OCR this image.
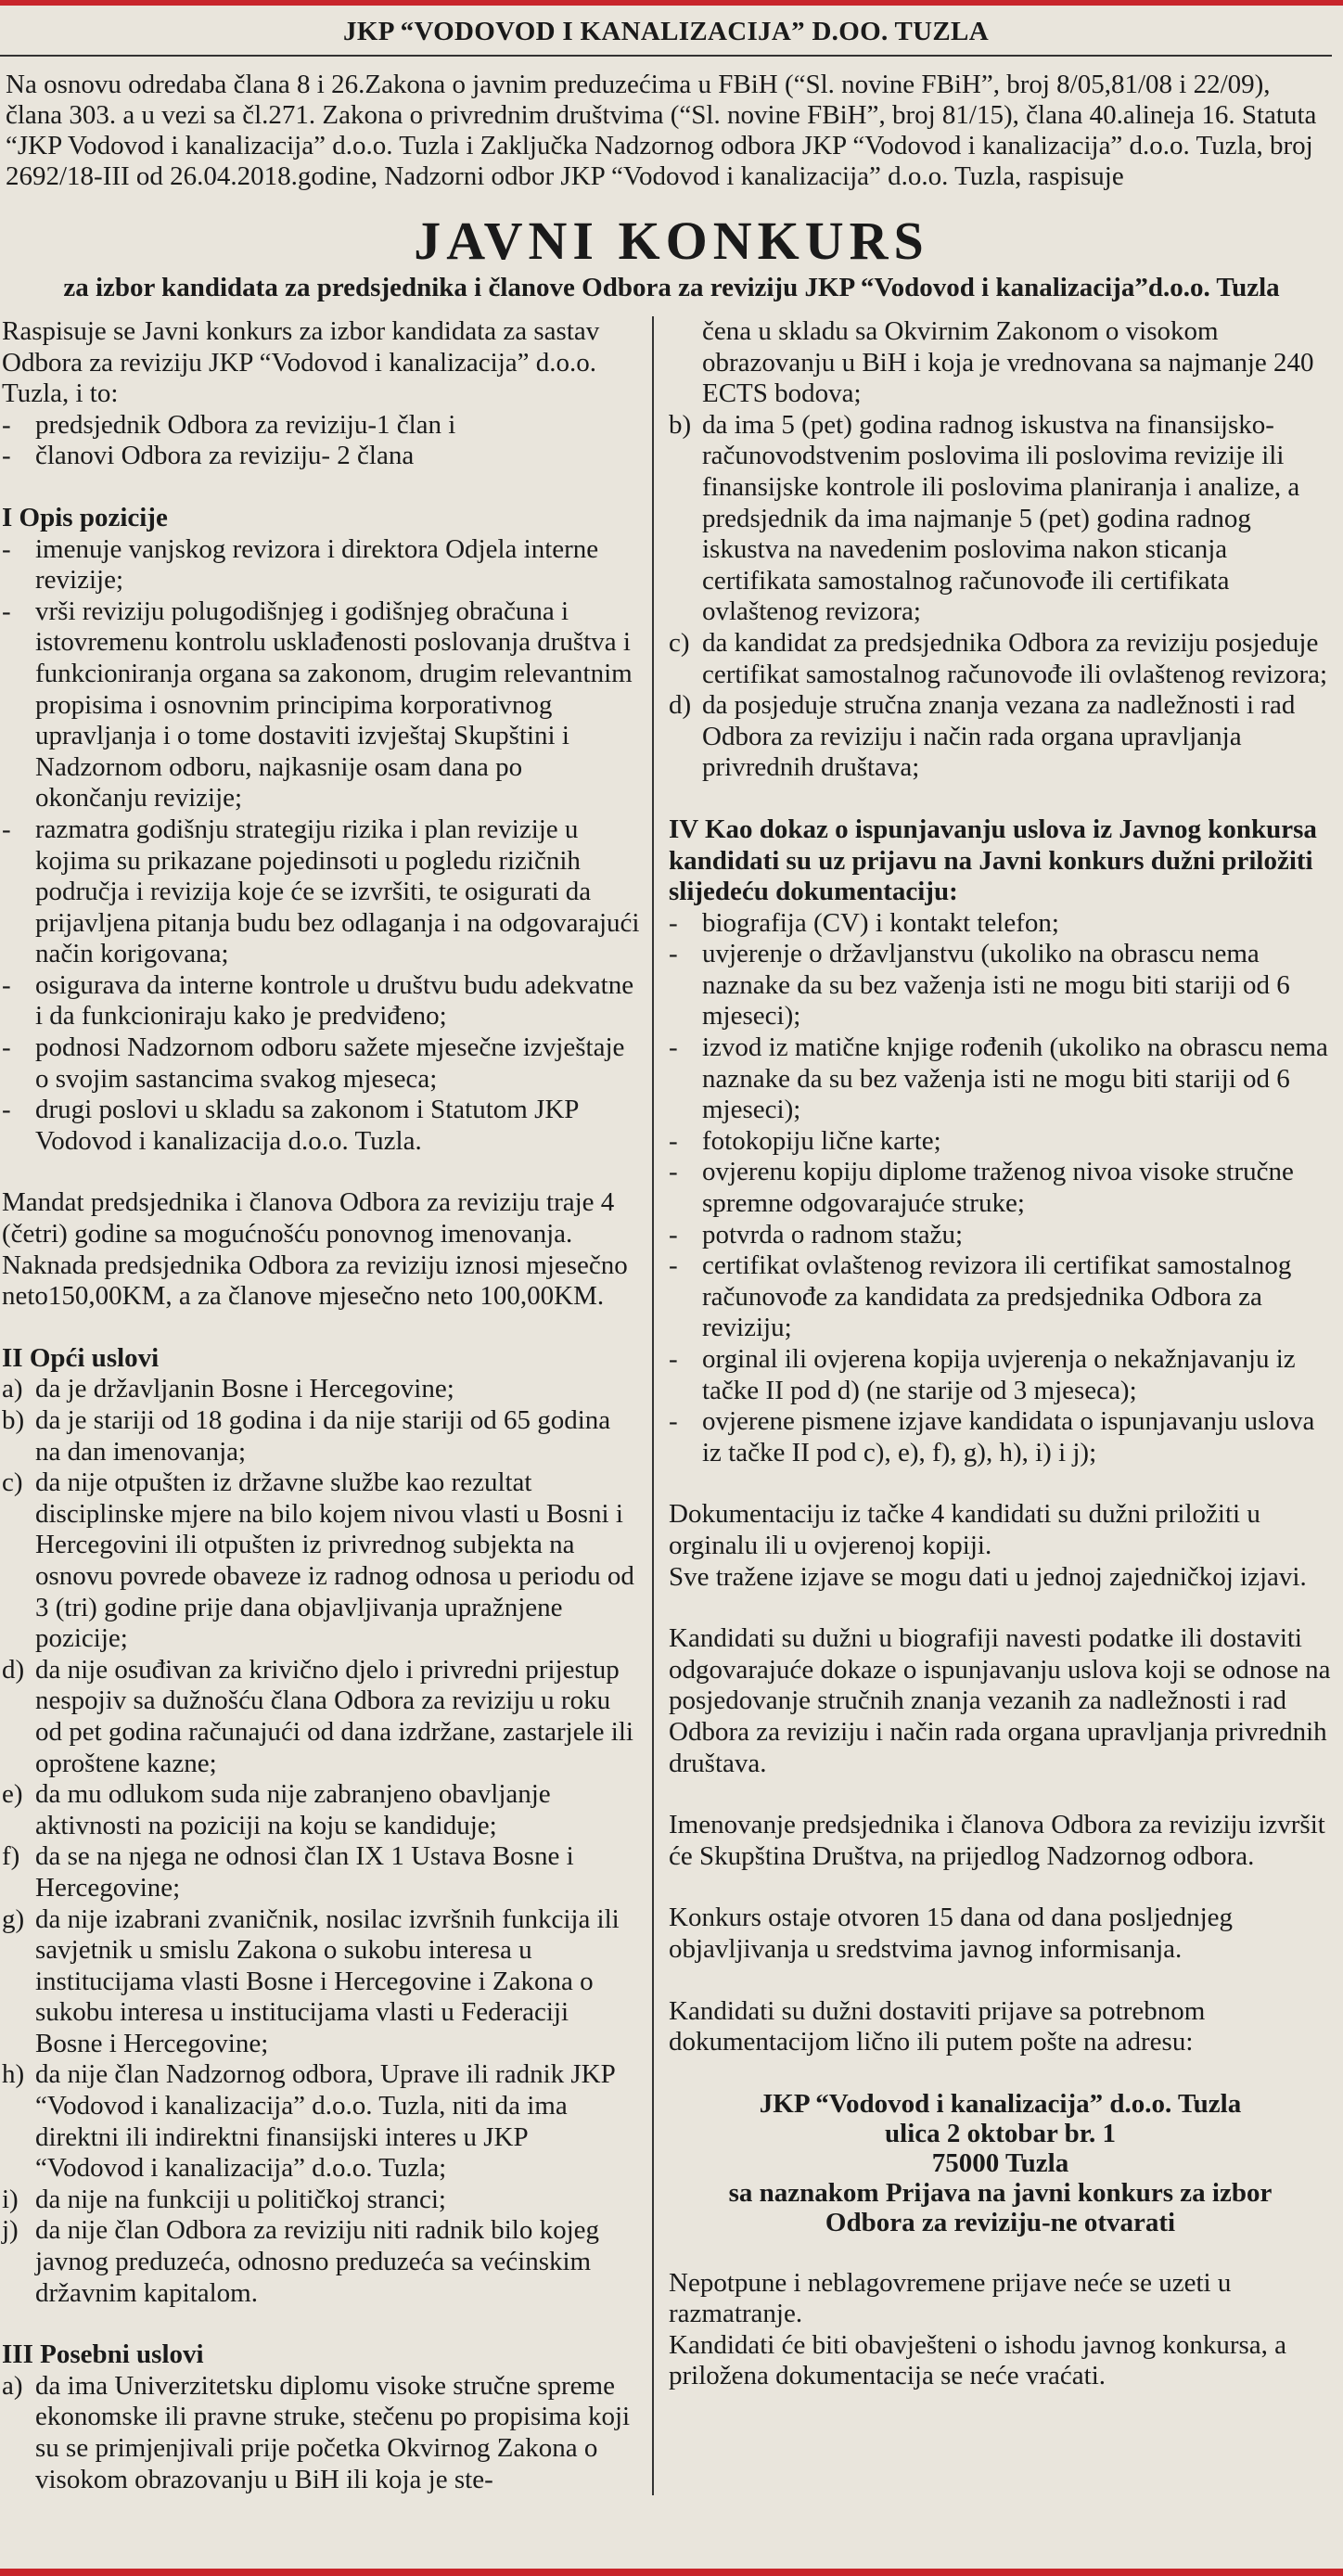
JKP “VODOVOD I KANALIZACIJA” D.OO. TUZLA

Na osnovu odredaba člana 8 i 26.Zakona o javnim preduzećima u FBiH (“Sl. novine FBiH”, broj 8/05,81/08 i 22/09), člana 303. a u vezi sa čl.271. Zakona o privrednim društvima (“Sl. novine FBiH”, broj 81/15), člana 40.alineja 16. Statuta “JKP Vodovod i kanalizacija” d.o.o. Tuzla i Zaključka Nadzornog odbora JKP “Vodovod i kanalizacija” d.o.o. Tuzla, broj 2692/18-III od 26.04.2018.godine, Nadzorni odbor JKP “Vodovod i kanalizacija” d.o.o. Tuzla, raspisuje

JAVNI KONKURS
za izbor kandidata za predsjednika i članove Odbora za reviziju JKP “Vodovod i kanalizacija”d.o.o. Tuzla

Raspisuje se Javni konkurs za izbor kandidata za sastav Odbora za reviziju JKP “Vodovod i kanalizacija” d.o.o. Tuzla, i to:

- predsjednik Odbora za reviziju-1 član i
- članovi Odbora za reviziju- 2 člana

I Opis pozicije

- imenuje vanjskog revizora i direktora Odjela interne revizije;
- vrši reviziju polugodišnjeg i godišnjeg obračuna i istovremenu kontrolu usklađenosti poslovanja društva i funkcioniranja organa sa zakonom, drugim relevantnim propisima i osnovnim principima korporativnog upravljanja i o tome dostaviti izvještaj Skupštini i Nadzornom odboru, najkasnije osam dana po okončanju revizije;
- razmatra godišnju strategiju rizika i plan revizije u kojima su prikazane pojedinsoti u pogledu rizičnih područja i revizija koje će se izvršiti, te osigurati da prijavljena pitanja budu bez odlaganja i na odgovarajući način korigovana;
- osigurava da interne kontrole u društvu budu adekvatne i da funkcioniraju kako je predviđeno;
- podnosi Nadzornom odboru sažete mjesečne izvještaje o svojim sastancima svakog mjeseca;
- drugi poslovi u skladu sa zakonom i Statutom JKP Vodovod i kanalizacija d.o.o. Tuzla.

Mandat predsjednika i članova Odbora za reviziju traje 4 (četri) godine sa mogućnošću ponovnog imenovanja. Naknada predsjednika Odbora za reviziju iznosi mjesečno neto150,00KM, a za članove mjesečno neto 100,00KM.

II Opći uslovi

a) da je državljanin Bosne i Hercegovine;
b) da je stariji od 18 godina i da nije stariji od 65 godina na dan imenovanja;
c) da nije otpušten iz državne službe kao rezultat disciplinske mjere na bilo kojem nivou vlasti u Bosni i Hercegovini ili otpušten iz privrednog subjekta na osnovu povrede obaveze iz radnog odnosa u periodu od 3 (tri) godine prije dana objavljivanja upražnjene pozicije;
d) da nije osuđivan za krivično djelo i privredni prijestup nespojiv sa dužnošću člana Odbora za reviziju u roku od pet godina računajući od dana izdržane, zastarjele ili oproštene kazne;
e) da mu odlukom suda nije zabranjeno obavljanje aktivnosti na poziciji na koju se kandiduje;
f) da se na njega ne odnosi član IX 1 Ustava Bosne i Hercegovine;
g) da nije izabrani zvaničnik, nosilac izvršnih funkcija ili savjetnik u smislu Zakona o sukobu interesa u institucijama vlasti Bosne i Hercegovine i Zakona o sukobu interesa u institucijama vlasti u Federaciji Bosne i Hercegovine;
h) da nije član Nadzornog odbora, Uprave ili radnik JKP “Vodovod i kanalizacija” d.o.o. Tuzla, niti da ima direktni ili indirektni finansijski interes u JKP “Vodovod i kanalizacija” d.o.o. Tuzla;
i) da nije na funkciji u političkoj stranci;
j) da nije član Odbora za reviziju niti radnik bilo kojeg javnog preduzeća, odnosno preduzeća sa većinskim državnim kapitalom.

III Posebni uslovi

a) da ima Univerzitetsku diplomu visoke stručne spreme ekonomske ili pravne struke, stečenu po propisima koji su se primjenjivali prije početka Okvirnog Zakona o visokom obrazovanju u BiH ili koja je ste-
čena u skladu sa Okvirnim Zakonom o visokom obrazovanju u BiH i koja je vrednovana sa najmanje 240 ECTS bodova;
b) da ima 5 (pet) godina radnog iskustva na finansijsko-računovodstvenim poslovima ili poslovima revizije ili finansijske kontrole ili poslovima planiranja i analize, a predsjednik da ima najmanje 5 (pet) godina radnog iskustva na navedenim poslovima nakon sticanja certifikata samostalnog računovođe ili certifikata ovlaštenog revizora;
c) da kandidat za predsjednika Odbora za reviziju posjeduje certifikat samostalnog računovođe ili ovlaštenog revizora;
d) da posjeduje stručna znanja vezana za nadležnosti i rad Odbora za reviziju i način rada organa upravljanja privrednih društava;

IV Kao dokaz o ispunjavanju uslova iz Javnog konkursa kandidati su uz prijavu na Javni konkurs dužni priložiti slijedeću dokumentaciju:

- biografija (CV) i kontakt telefon;
- uvjerenje o državljanstvu (ukoliko na obrascu nema naznake da su bez važenja isti ne mogu biti stariji od 6 mjeseci);
- izvod iz matične knjige rođenih (ukoliko na obrascu nema naznake da su bez važenja isti ne mogu biti stariji od 6 mjeseci);
- fotokopiju lične karte;
- ovjerenu kopiju diplome traženog nivoa visoke stručne spremne odgovarajuće struke;
- potvrda o radnom stažu;
- certifikat ovlaštenog revizora ili certifikat samostalnog računovođe za kandidata za predsjednika Odbora za reviziju;
- orginal ili ovjerena kopija uvjerenja o nekažnjavanju iz tačke II pod d) (ne starije od 3 mjeseca);
- ovjerene pismene izjave kandidata o ispunjavanju uslova iz tačke II pod c), e), f), g), h), i) i j);

Dokumentaciju iz tačke 4 kandidati su dužni priložiti u orginalu ili u ovjerenoj kopiji.

Sve tražene izjave se mogu dati u jednoj zajedničkoj izjavi.

Kandidati su dužni u biografiji navesti podatke ili dostaviti odgovarajuće dokaze o ispunjavanju uslova koji se odnose na posjedovanje stručnih znanja vezanih za nadležnosti i rad Odbora za reviziju i način rada organa upravljanja privrednih društava.

Imenovanje predsjednika i članova Odbora za reviziju izvršit će Skupština Društva, na prijedlog Nadzornog odbora.

Konkurs ostaje otvoren 15 dana od dana posljednjeg objavljivanja u sredstvima javnog informisanja.

Kandidati su dužni dostaviti prijave sa potrebnom dokumentacijom lično ili putem pošte na adresu:

JKP “Vodovod i kanalizacija” d.o.o. Tuzla
ulica 2 oktobar br. 1
75000 Tuzla
sa naznakom Prijava na javni konkurs za izbor
Odbora za reviziju-ne otvarati

Nepotpune i neblagovremene prijave neće se uzeti u razmatranje.

Kandidati će biti obavješteni o ishodu javnog konkursa, a priložena dokumentacija se neće vraćati.
